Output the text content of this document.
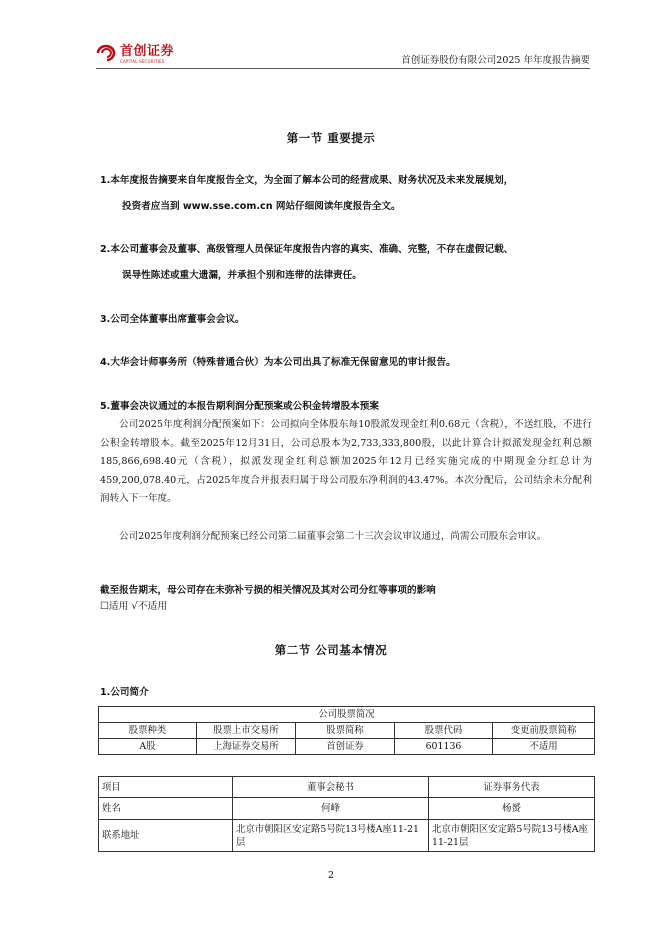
首创证券
CAPITAL SECURITIES	首创证券股份有限公司2025 年年度报告摘要
第一节 重要提示
1.本年度报告摘要来自年度报告全文，为全面了解本公司的经营成果、财务状况及未来发展规划，
投资者应当到 www.sse.com.cn 网站仔细阅读年度报告全文。
2.本公司董事会及董事、高级管理人员保证年度报告内容的真实、准确、完整，不存在虚假记载、
误导性陈述或重大遗漏，并承担个别和连带的法律责任。
3.公司全体董事出席董事会会议。
4.大华会计师事务所（特殊普通合伙）为本公司出具了标准无保留意见的审计报告。
5.董事会决议通过的本报告期利润分配预案或公积金转增股本预案
公司2025年度利润分配预案如下：公司拟向全体股东每10股派发现金红利0.68元（含税），不送红股，不进行公积金转增股本。截至2025年12月31日，公司总股本为2,733,333,800股，以此计算合计拟派发现金红利总额185,866,698.40元（含税），拟派发现金红利总额加2025年12月已经实施完成的中期现金分红总计为459,200,078.40元，占2025年度合并报表归属于母公司股东净利润的43.47%。本次分配后，公司结余未分配利润转入下一年度。
公司2025年度利润分配预案已经公司第二届董事会第二十三次会议审议通过，尚需公司股东会审议。
截至报告期末，母公司存在未弥补亏损的相关情况及其对公司分红等事项的影响
☐适用 √不适用
第二节 公司基本情况
1.公司简介
公司股票简况				
股票种类	股票上市交易所	股票简称	股票代码	变更前股票简称
A股	上海证券交易所	首创证券	601136	不适用
项目	董事会秘书	证券事务代表
姓名	何峰	杨赟
联系地址	北京市朝阳区安定路5号院13号楼A座11-21层	北京市朝阳区安定路5号院13号楼A座11-21层
2
